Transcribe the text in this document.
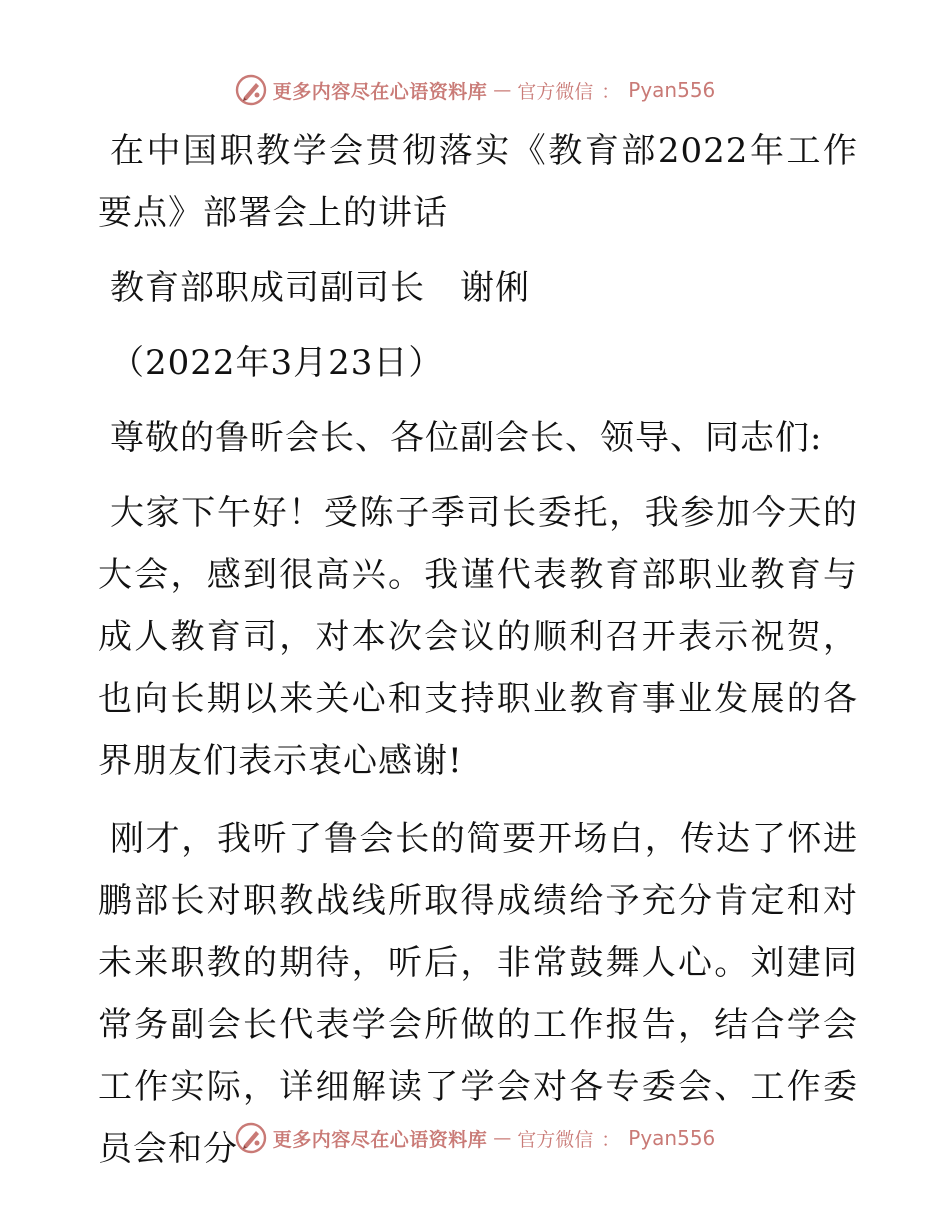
更多内容尽在心语资料库 — 官方微信 ： Pyan556

在中国职教学会贯彻落实《教育部2022年工作要点》部署会上的讲话

教育部职成司副司长　谢俐

（2022年3月23日）

尊敬的鲁昕会长、各位副会长、领导、同志们:

大家下午好！受陈子季司长委托，我参加今天的大会，感到很高兴。我谨代表教育部职业教育与成人教育司，对本次会议的顺利召开表示祝贺，也向长期以来关心和支持职业教育事业发展的各界朋友们表示衷心感谢!

刚才，我听了鲁会长的简要开场白，传达了怀进鹏部长对职教战线所取得成绩给予充分肯定和对未来职教的期待，听后，非常鼓舞人心。刘建同常务副会长代表学会所做的工作报告，结合学会工作实际，详细解读了学会对各专委会、工作委员会和分	更多内容尽在心语资料库 — 官方微信 ： Pyan556
